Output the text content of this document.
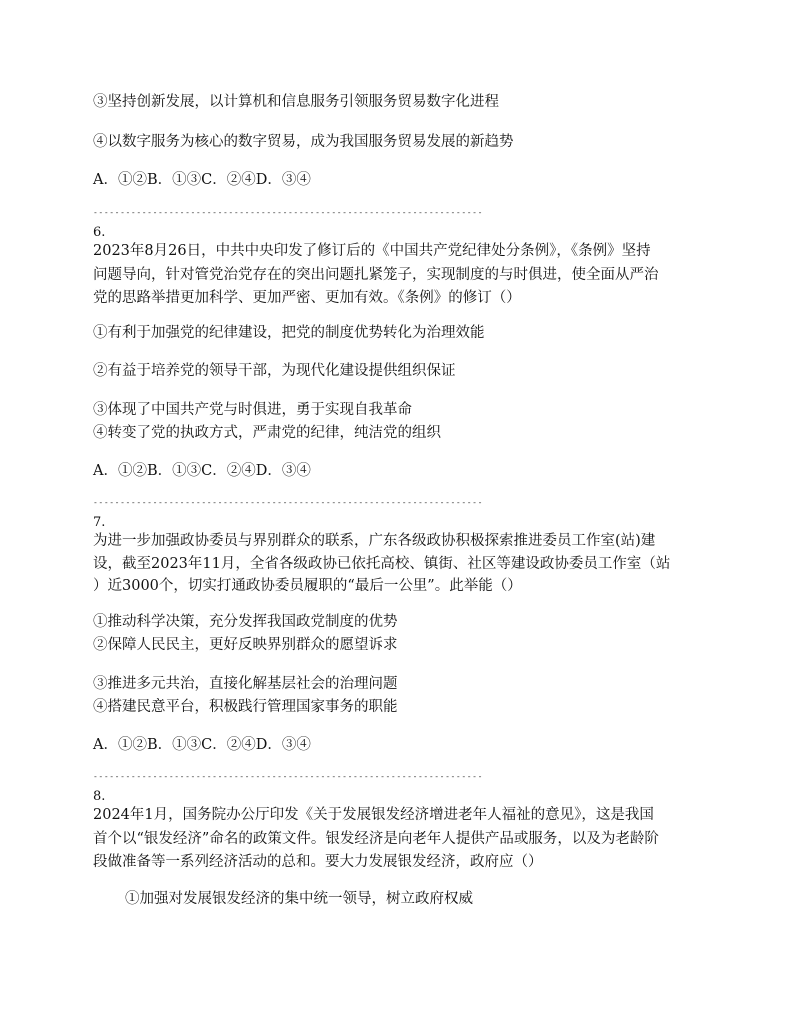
③坚持创新发展，以计算机和信息服务引领服务贸易数字化进程
④以数字服务为核心的数字贸易，成为我国服务贸易发展的新趋势
A．①②B．①③C．②④D．③④
------------------------------------------------------------------------
6.
2023年8月26日，中共中央印发了修订后的《中国共产党纪律处分条例》，《条例》坚持
问题导向，针对管党治党存在的突出问题扎紧笼子，实现制度的与时俱进，使全面从严治
党的思路举措更加科学、更加严密、更加有效。《条例》的修订（）
①有利于加强党的纪律建设，把党的制度优势转化为治理效能
②有益于培养党的领导干部，为现代化建设提供组织保证
③体现了中国共产党与时俱进，勇于实现自我革命
④转变了党的执政方式，严肃党的纪律，纯洁党的组织
A．①②B．①③C．②④D．③④
------------------------------------------------------------------------
7.
为进一步加强政协委员与界别群众的联系，广东各级政协积极探索推进委员工作室(站)建
设，截至2023年11月，全省各级政协已依托高校、镇街、社区等建设政协委员工作室（站
）近3000个，切实打通政协委员履职的“最后一公里”。此举能（）
①推动科学决策，充分发挥我国政党制度的优势
②保障人民民主，更好反映界别群众的愿望诉求
③推进多元共治，直接化解基层社会的治理问题
④搭建民意平台，积极践行管理国家事务的职能
A．①②B．①③C．②④D．③④
------------------------------------------------------------------------
8.
2024年1月，国务院办公厅印发《关于发展银发经济增进老年人福祉的意见》，这是我国
首个以“银发经济”命名的政策文件。银发经济是向老年人提供产品或服务，以及为老龄阶
段做准备等一系列经济活动的总和。要大力发展银发经济，政府应（）
①加强对发展银发经济的集中统一领导，树立政府权威
